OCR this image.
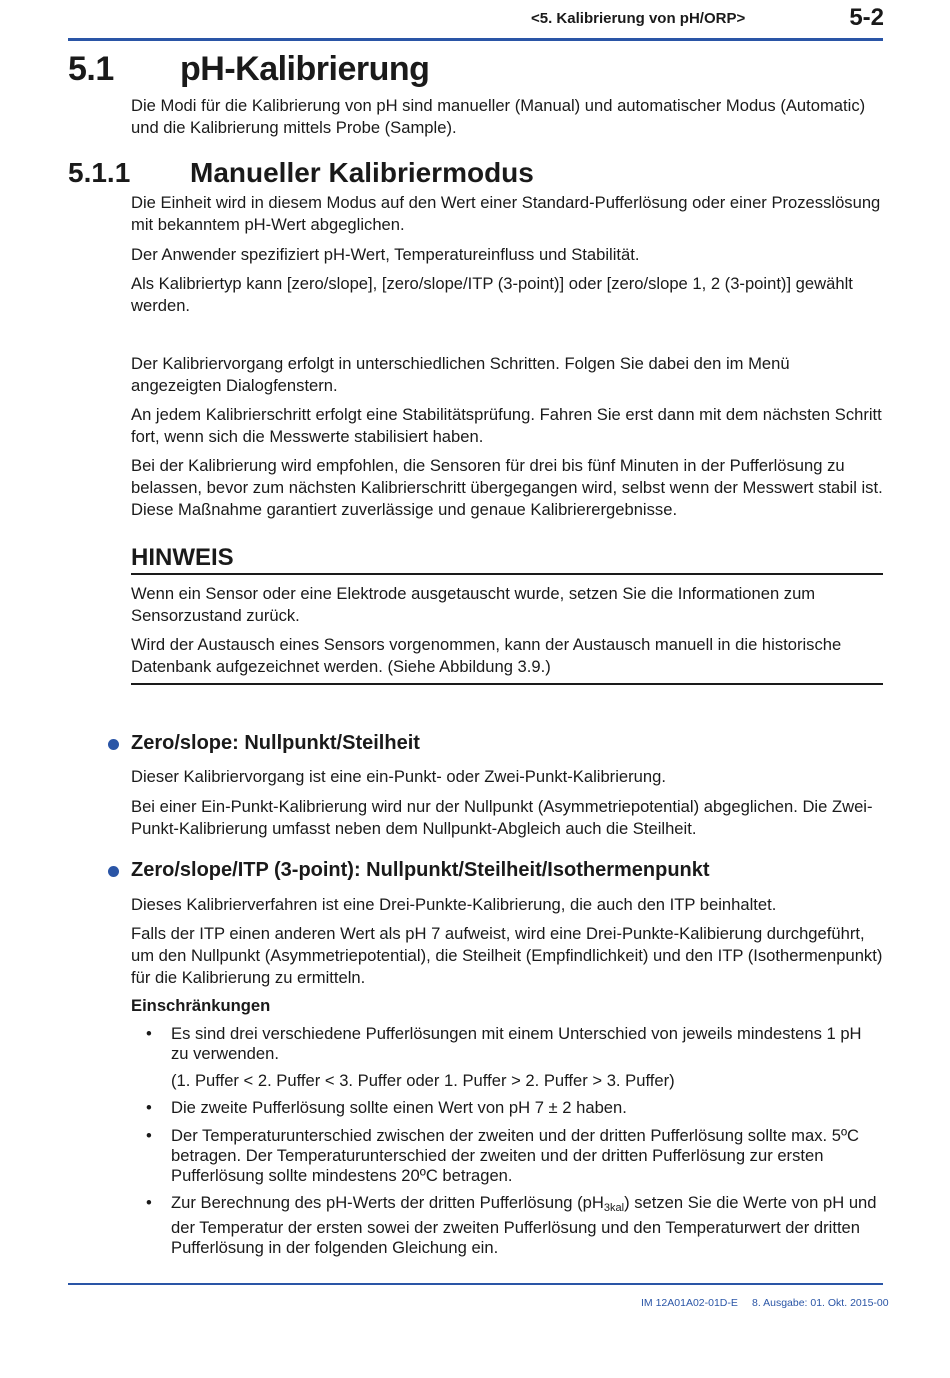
<5. Kalibrierung von pH/ORP>	5-2
5.1 pH-Kalibrierung
Die Modi für die Kalibrierung von pH sind manueller (Manual) und automatischer Modus (Automatic) und die Kalibrierung mittels Probe (Sample).
5.1.1 Manueller Kalibriermodus
Die Einheit wird in diesem Modus auf den Wert einer Standard-Pufferlösung oder einer Prozesslösung mit bekanntem pH-Wert abgeglichen.
Der Anwender spezifiziert pH-Wert, Temperatureinfluss und Stabilität.
Als Kalibriertyp kann [zero/slope], [zero/slope/ITP (3-point)] oder [zero/slope 1, 2 (3-point)] gewählt werden.
Der Kalibriervorgang erfolgt in unterschiedlichen Schritten. Folgen Sie dabei den im Menü angezeigten Dialogfenstern.
An jedem Kalibrierschritt erfolgt eine Stabilitätsprüfung. Fahren Sie erst dann mit dem nächsten Schritt fort, wenn sich die Messwerte stabilisiert haben.
Bei der Kalibrierung wird empfohlen, die Sensoren für drei bis fünf Minuten in der Pufferlösung zu belassen, bevor zum nächsten Kalibrierschritt übergegangen wird, selbst wenn der Messwert stabil ist. Diese Maßnahme garantiert zuverlässige und genaue Kalibrierergebnisse.
HINWEIS
Wenn ein Sensor oder eine Elektrode ausgetauscht wurde, setzen Sie die Informationen zum Sensorzustand zurück.
Wird der Austausch eines Sensors vorgenommen, kann der Austausch manuell in die historische Datenbank aufgezeichnet werden. (Siehe Abbildung 3.9.)
Zero/slope: Nullpunkt/Steilheit
Dieser Kalibriervorgang ist eine ein-Punkt- oder Zwei-Punkt-Kalibrierung.
Bei einer Ein-Punkt-Kalibrierung wird nur der Nullpunkt (Asymmetriepotential) abgeglichen. Die Zwei-Punkt-Kalibrierung umfasst neben dem Nullpunkt-Abgleich auch die Steilheit.
Zero/slope/ITP (3-point): Nullpunkt/Steilheit/Isothermenpunkt
Dieses Kalibrierverfahren ist eine Drei-Punkte-Kalibrierung, die auch den ITP beinhaltet.
Falls der ITP einen anderen Wert als pH 7 aufweist, wird eine Drei-Punkte-Kalibierung durchgeführt, um den Nullpunkt (Asymmetriepotential), die Steilheit (Empfindlichkeit) und den ITP (Isothermenpunkt) für die Kalibrierung zu ermitteln.
Einschränkungen
• Es sind drei verschiedene Pufferlösungen mit einem Unterschied von jeweils mindestens 1 pH zu verwenden.
(1. Puffer < 2. Puffer < 3. Puffer oder 1. Puffer > 2. Puffer > 3. Puffer)
• Die zweite Pufferlösung sollte einen Wert von pH 7 ± 2 haben.
• Der Temperaturunterschied zwischen der zweiten und der dritten Pufferlösung sollte max. 5ºC betragen. Der Temperaturunterschied der zweiten und der dritten Pufferlösung zur ersten Pufferlösung sollte mindestens 20ºC betragen.
• Zur Berechnung des pH-Werts der dritten Pufferlösung $(pH_{3kal})$ setzen Sie die Werte von pH und der Temperatur der ersten sowei der zweiten Pufferlösung und den Temperaturwert der dritten Pufferlösung in der folgenden Gleichung ein.
IM 12A01A02-01D-E 8. Ausgabe: 01. Okt. 2015-00
